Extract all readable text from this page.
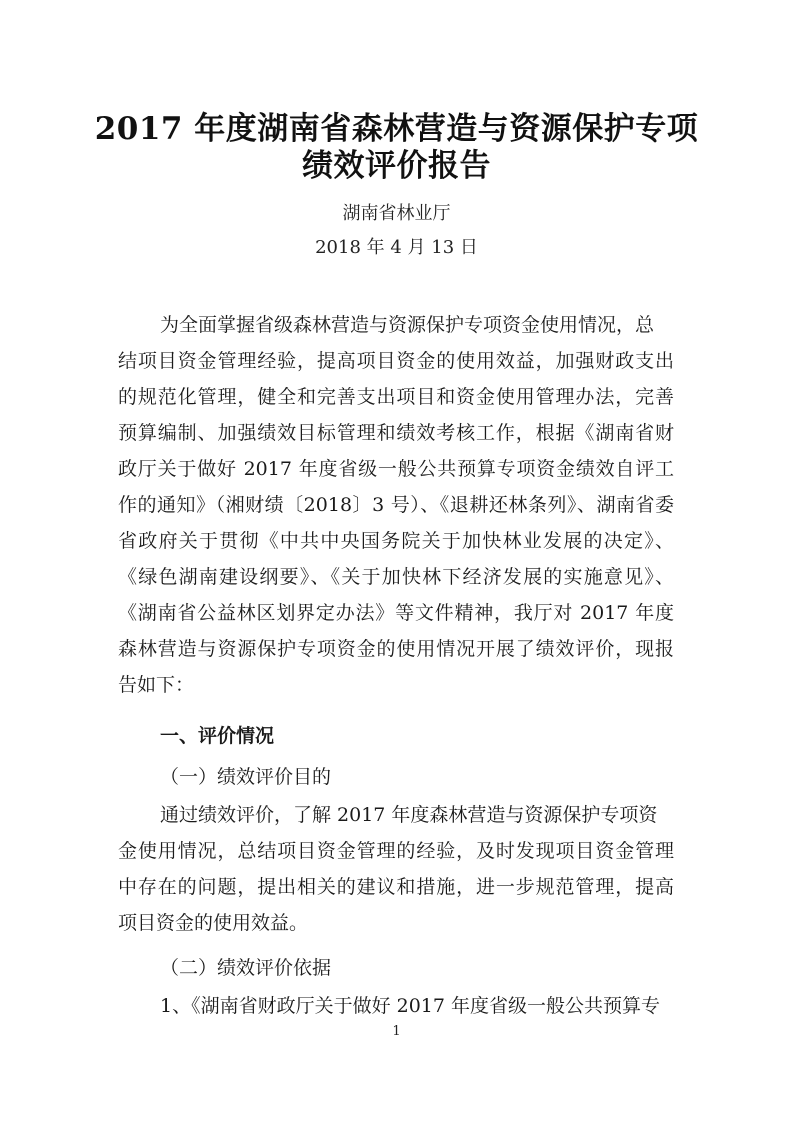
2017 年度湖南省森林营造与资源保护专项
绩效评价报告
湖南省林业厅
2018 年 4 月 13 日
为全面掌握省级森林营造与资源保护专项资金使用情况，总
结项目资金管理经验，提高项目资金的使用效益，加强财政支出
的规范化管理，健全和完善支出项目和资金使用管理办法，完善
预算编制、加强绩效目标管理和绩效考核工作，根据《湖南省财
政厅关于做好 2017 年度省级一般公共预算专项资金绩效自评工
作的通知》（湘财绩〔2018〕3 号）、《退耕还林条列》、湖南省委
省政府关于贯彻《中共中央国务院关于加快林业发展的决定》、
《绿色湖南建设纲要》、《关于加快林下经济发展的实施意见》、
《湖南省公益林区划界定办法》等文件精神，我厅对 2017 年度
森林营造与资源保护专项资金的使用情况开展了绩效评价，现报
告如下：
一、评价情况
（一）绩效评价目的
通过绩效评价，了解 2017 年度森林营造与资源保护专项资
金使用情况，总结项目资金管理的经验，及时发现项目资金管理
中存在的问题，提出相关的建议和措施，进一步规范管理，提高
项目资金的使用效益。
（二）绩效评价依据
1、《湖南省财政厅关于做好 2017 年度省级一般公共预算专
1
